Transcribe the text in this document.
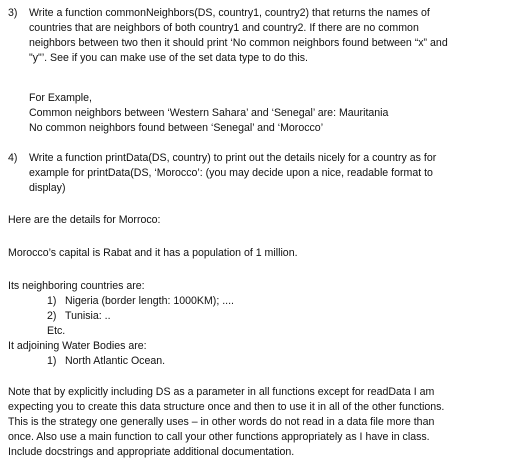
3) Write a function commonNeighbors(DS, country1, country2) that returns the names of
countries that are neighbors of both country1 and country2. If there are no common
neighbors between two then it should print ‘No common neighbors found between “x” and
"y"’. See if you can make use of the set data type to do this.
For Example,
Common neighbors between ‘Western Sahara’ and ‘Senegal’ are: Mauritania
No common neighbors found between ‘Senegal’ and ‘Morocco’
4) Write a function printData(DS, country) to print out the details nicely for a country as for
example for printData(DS, ‘Morocco’: (you may decide upon a nice, readable format to
display)
Here are the details for Morroco:
Morocco’s capital is Rabat and it has a population of 1 million.
Its neighboring countries are:
1) Nigeria (border length: 1000KM); ....
2) Tunisia: ..
Etc.
It adjoining Water Bodies are:
1) North Atlantic Ocean.
Note that by explicitly including DS as a parameter in all functions except for readData I am
expecting you to create this data structure once and then to use it in all of the other functions.
This is the strategy one generally uses – in other words do not read in a data file more than
once. Also use a main function to call your other functions appropriately as I have in class.
Include docstrings and appropriate additional documentation.
